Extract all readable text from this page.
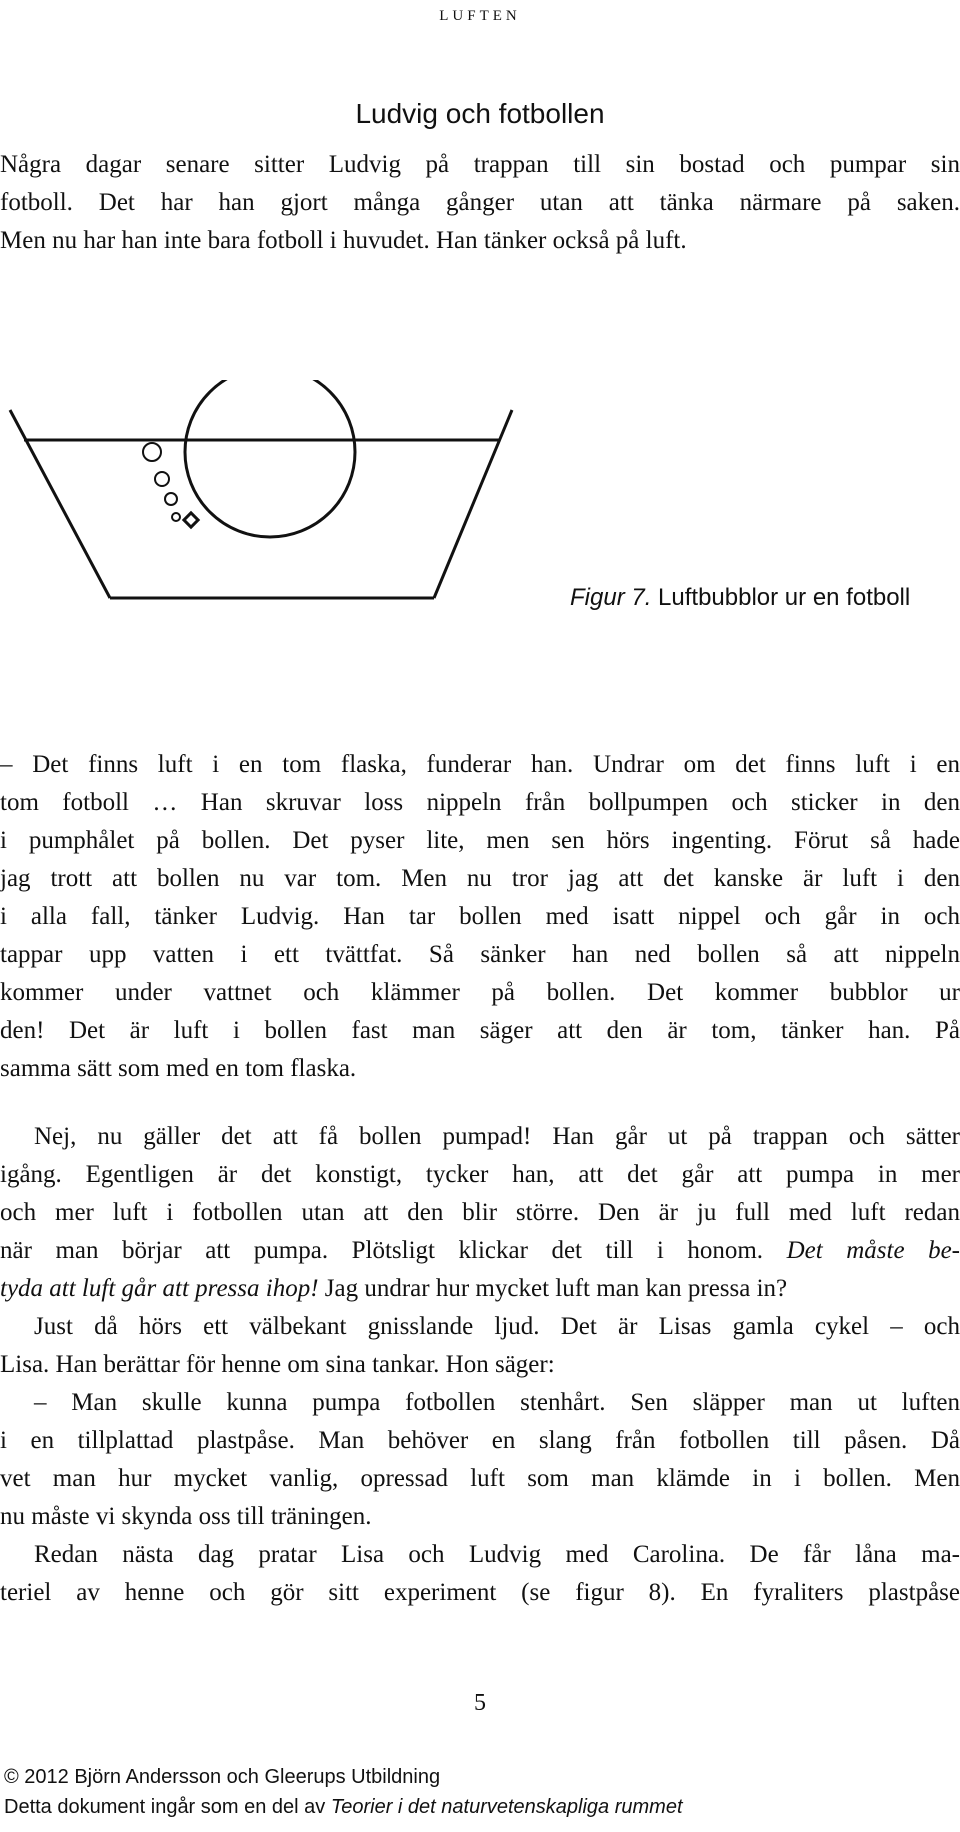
luften
Ludvig och fotbollen
Några dagar senare sitter Ludvig på trappan till sin bostad och pumpar sin
fotboll. Det har han gjort många gånger utan att tänka närmare på saken.
Men nu har han inte bara fotboll i huvudet. Han tänker också på luft.
Figur 7. Luftbubblor ur en fotboll
– Det finns luft i en tom flaska, funderar han. Undrar om det finns luft i en
tom fotboll … Han skruvar loss nippeln från bollpumpen och sticker in den
i pumphålet på bollen. Det pyser lite, men sen hörs ingenting. Förut så hade
jag trott att bollen nu var tom. Men nu tror jag att det kanske är luft i den
i alla fall, tänker Ludvig. Han tar bollen med isatt nippel och går in och
tappar upp vatten i ett tvättfat. Så sänker han ned bollen så att nippeln
kommer under vattnet och klämmer på bollen. Det kommer bubblor ur
den! Det är luft i bollen fast man säger att den är tom, tänker han. På
samma sätt som med en tom flaska.
Nej, nu gäller det att få bollen pumpad! Han går ut på trappan och sätter
igång. Egentligen är det konstigt, tycker han, att det går att pumpa in mer
och mer luft i fotbollen utan att den blir större. Den är ju full med luft redan
när man börjar att pumpa. Plötsligt klickar det till i honom. Det måste be-
tyda att luft går att pressa ihop! Jag undrar hur mycket luft man kan pressa in?
Just då hörs ett välbekant gnisslande ljud. Det är Lisas gamla cykel – och
Lisa. Han berättar för henne om sina tankar. Hon säger:
– Man skulle kunna pumpa fotbollen stenhårt. Sen släpper man ut luften
i en tillplattad plastpåse. Man behöver en slang från fotbollen till påsen. Då
vet man hur mycket vanlig, opressad luft som man klämde in i bollen. Men
nu måste vi skynda oss till träningen.
Redan nästa dag pratar Lisa och Ludvig med Carolina. De får låna ma-
teriel av henne och gör sitt experiment (se figur 8). En fyraliters plastpåse
5
© 2012 Björn Andersson och Gleerups Utbildning
Detta dokument ingår som en del av Teorier i det naturvetenskapliga rummet
